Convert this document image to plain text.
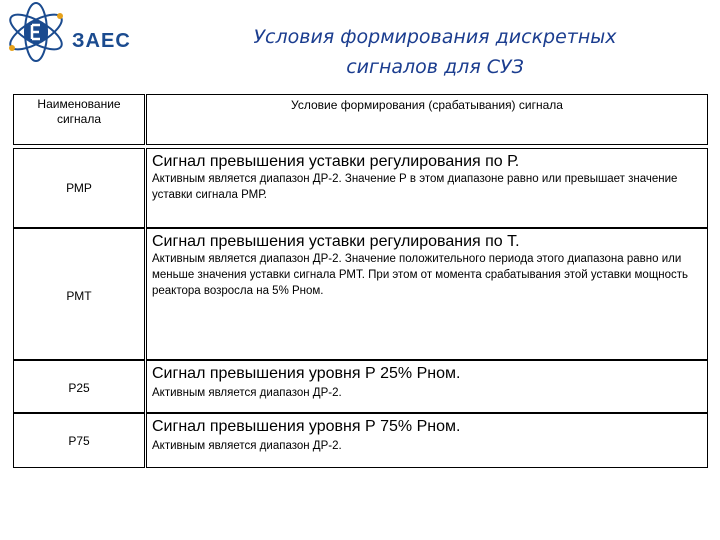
ЗАЕС	Условия формирования дискретных
сигналов для СУЗ
Наименование сигнала
Условие формирования (срабатывания) сигнала
РМР
Сигнал превышения уставки регулирования по Р.
Активным является диапазон ДР-2. Значение Р в этом диапазоне равно или превышает значение уставки сигнала РМР.
РМТ
Сигнал превышения уставки регулирования по Т.
Активным является диапазон ДР-2. Значение положительного периода этого диапазона равно или меньше значения уставки сигнала РМТ. При этом от момента срабатывания этой уставки мощность реактора возросла на 5% Рном.
Р25
Сигнал превышения уровня Р 25% Рном.
Активным является диапазон ДР-2.
Р75
Сигнал превышения уровня Р 75% Рном.
Активным является диапазон ДР-2.
